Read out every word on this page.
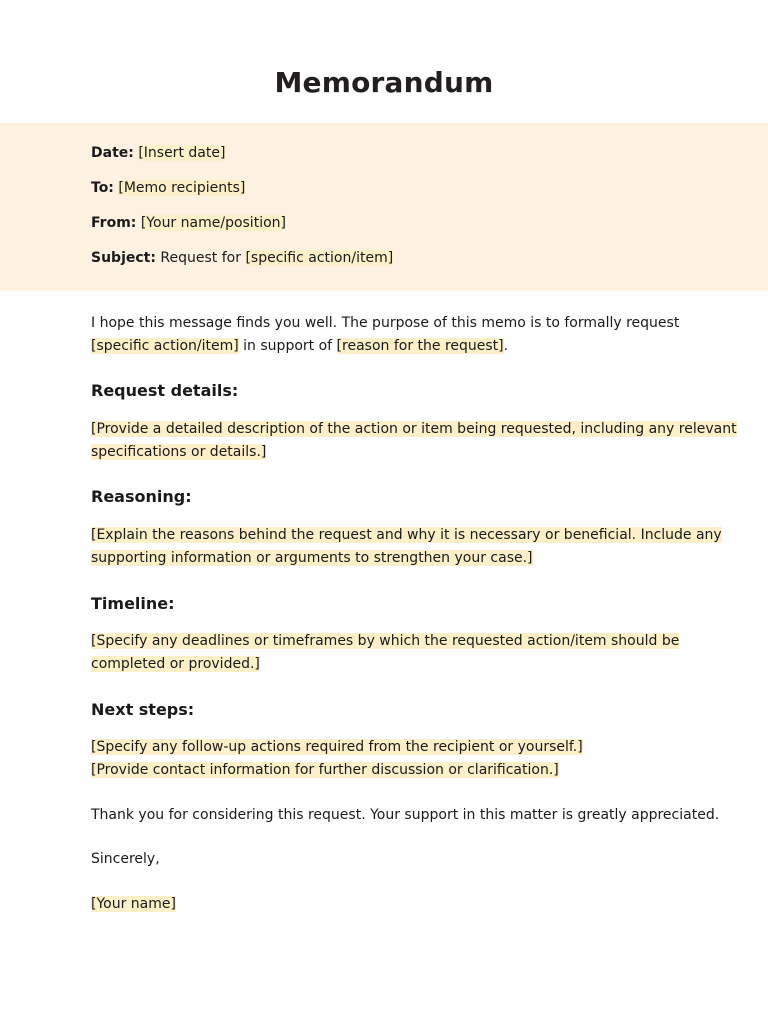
Memorandum
Date: [Insert date]
To: [Memo recipients]
From: [Your name/position]
Subject: Request for [specific action/item]
I hope this message finds you well. The purpose of this memo is to formally request
[specific action/item] in support of [reason for the request].
Request details:
[Provide a detailed description of the action or item being requested, including any relevant
specifications or details.]
Reasoning:
[Explain the reasons behind the request and why it is necessary or beneficial. Include any
supporting information or arguments to strengthen your case.]
Timeline:
[Specify any deadlines or timeframes by which the requested action/item should be
completed or provided.]
Next steps:
[Specify any follow-up actions required from the recipient or yourself.]
[Provide contact information for further discussion or clarification.]
Thank you for considering this request. Your support in this matter is greatly appreciated.
Sincerely,
[Your name]
